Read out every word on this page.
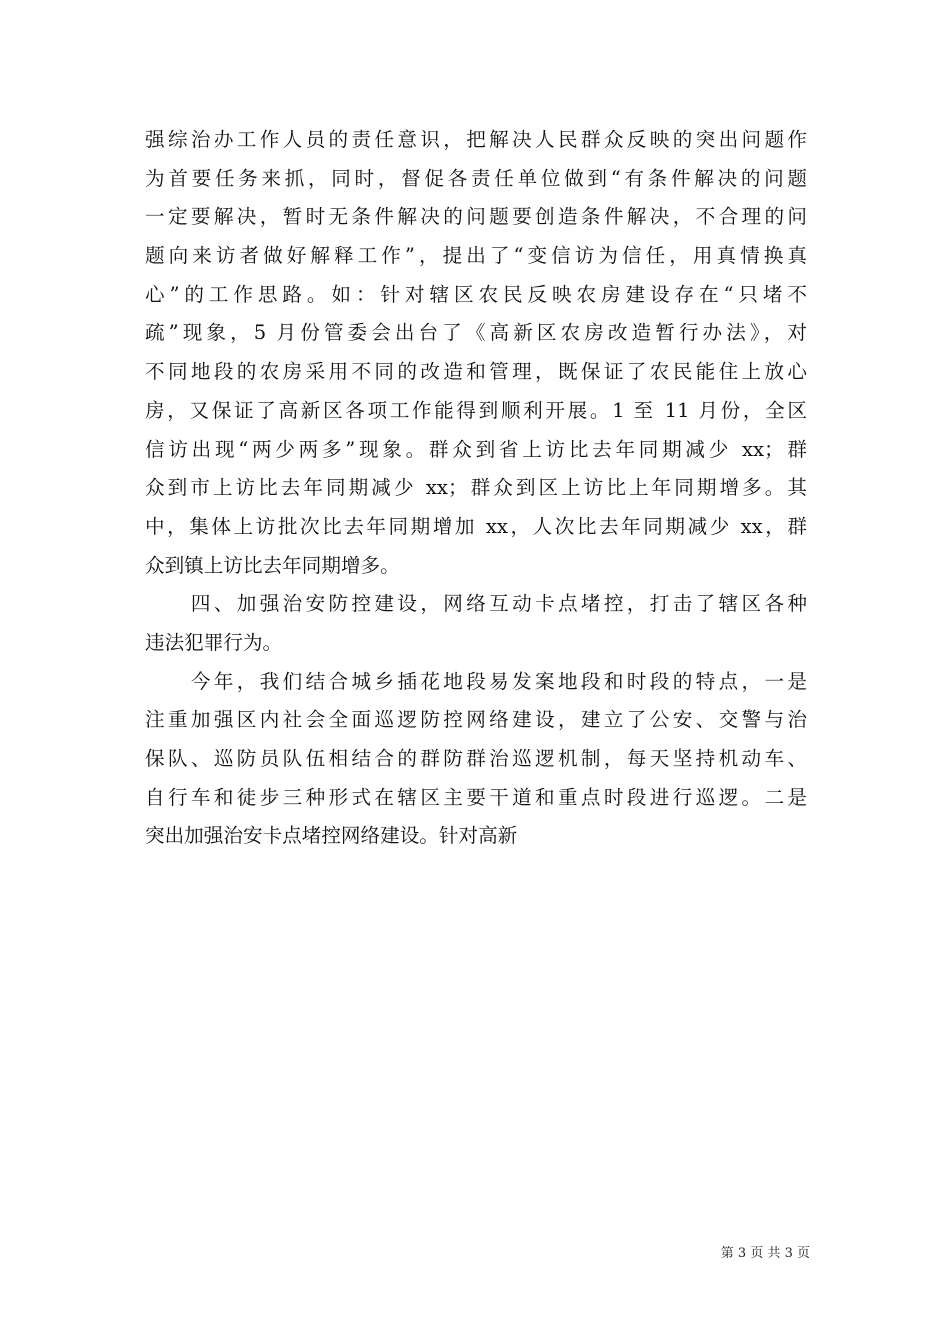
强综治办工作人员的责任意识，把解决人民群众反映的突出问题作
为首要任务来抓，同时，督促各责任单位做到“有条件解决的问题
一定要解决，暂时无条件解决的问题要创造条件解决，不合理的问
题向来访者做好解释工作”，提出了“变信访为信任，用真情换真
心”的工作思路。如：针对辖区农民反映农房建设存在“只堵不
疏”现象，5 月份管委会出台了《高新区农房改造暂行办法》，对
不同地段的农房采用不同的改造和管理，既保证了农民能住上放心
房，又保证了高新区各项工作能得到顺利开展。1 至 11 月份，全区
信访出现“两少两多”现象。群众到省上访比去年同期减少 xx；群
众到市上访比去年同期减少 xx；群众到区上访比上年同期增多。其
中，集体上访批次比去年同期增加 xx，人次比去年同期减少 xx，群
众到镇上访比去年同期增多。
　　四、加强治安防控建设，网络互动卡点堵控，打击了辖区各种
违法犯罪行为。
　　今年，我们结合城乡插花地段易发案地段和时段的特点，一是
注重加强区内社会全面巡逻防控网络建设，建立了公安、交警与治
保队、巡防员队伍相结合的群防群治巡逻机制，每天坚持机动车、
自行车和徒步三种形式在辖区主要干道和重点时段进行巡逻。二是
突出加强治安卡点堵控网络建设。针对高新
第 3 页 共 3 页
